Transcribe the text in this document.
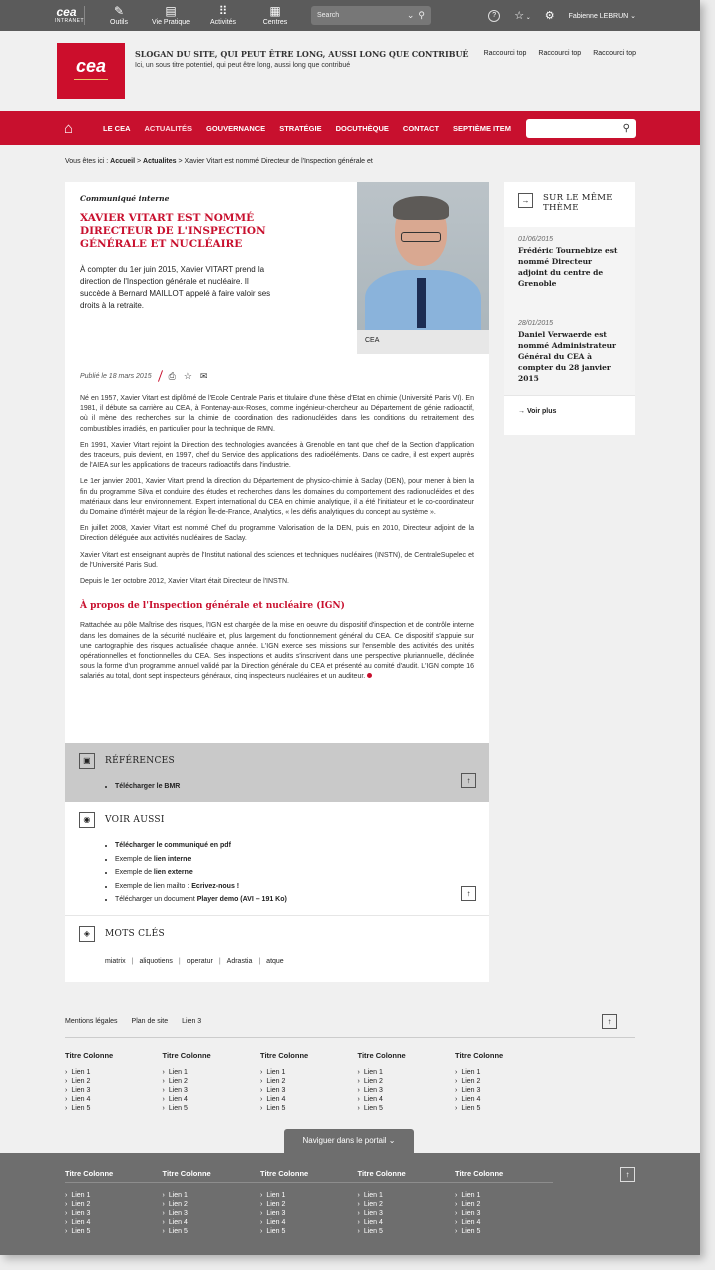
cea
INTRANET
✎
Outils
▤
Vie Pratique
⠿
Activités
▦
Centres
Search	⌄ ⚲	?	☆ ⌄ ⚙ Fabienne LEBRUN ⌄
cea
SLOGAN DU SITE, QUI PEUT ÊTRE LONG, AUSSI LONG QUE CONTRIBUÉ
Ici, un sous titre potentiel, qui peut être long, aussi long que contribué
Raccourci top Raccourci top Raccourci top
⌂	LE CEA	ACTUALITÉS	GOUVERNANCE	STRATÉGIE	DOCUTHÈQUE	CONTACT	SEPTIÈME ITEM	⚲
Vous êtes ici : Accueil > Actualites > Xavier Vitart est nommé Directeur de l'Inspection générale et
Communiqué interne
XAVIER VITART EST NOMMÉ DIRECTEUR DE L'INSPECTION GÉNÉRALE ET NUCLÉAIRE
À compter du 1er juin 2015, Xavier VITART prend la direction de l'Inspection générale et nucléaire. Il succède à Bernard MAILLOT appelé à faire valoir ses droits à la retraite.
CEA
Publié le 18 mars 2015 ⎙ ☆ ✉

Né en 1957, Xavier Vitart est diplômé de l'Ecole Centrale Paris et titulaire d'une thèse d'Etat en chimie (Université Paris VI). En 1981, il débute sa carrière au CEA, à Fontenay-aux-Roses, comme ingénieur-chercheur au Département de génie radioactif, où il mène des recherches sur la chimie de coordination des radionucléides dans les conditions du retraitement des combustibles irradiés, en particulier pour la technique de RMN.

En 1991, Xavier Vitart rejoint la Direction des technologies avancées à Grenoble en tant que chef de la Section d'application des traceurs, puis devient, en 1997, chef du Service des applications des radioéléments. Dans ce cadre, il est expert auprès de l'AIEA sur les applications de traceurs radioactifs dans l'industrie.

Le 1er janvier 2001, Xavier Vitart prend la direction du Département de physico-chimie à Saclay (DEN), pour mener à bien la fin du programme Silva et conduire des études et recherches dans les domaines du comportement des radionucléides et des matériaux dans leur environnement. Expert international du CEA en chimie analytique, il a été l'initiateur et le co-coordinateur du Domaine d'intérêt majeur de la région Île-de-France, Analytics, « les défis analytiques du concept au système ».

En juillet 2008, Xavier Vitart est nommé Chef du programme Valorisation de la DEN, puis en 2010, Directeur adjoint de la Direction déléguée aux activités nucléaires de Saclay.

Xavier Vitart est enseignant auprès de l'Institut national des sciences et techniques nucléaires (INSTN), de CentraleSupelec et de l'Université Paris Sud.

Depuis le 1er octobre 2012, Xavier Vitart était Directeur de l'INSTN.

À propos de l'Inspection générale et nucléaire (IGN)

Rattachée au pôle Maîtrise des risques, l'IGN est chargée de la mise en oeuvre du dispositif d'inspection et de contrôle interne dans les domaines de la sécurité nucléaire et, plus largement du fonctionnement général du CEA. Ce dispositif s'appuie sur une cartographie des risques actualisée chaque année. L'IGN exerce ses missions sur l'ensemble des activités des unités opérationnelles et fonctionnelles du CEA. Ses inspections et audits s'inscrivent dans une perspective pluriannuelle, déclinée sous la forme d'un programme annuel validé par la Direction générale du CEA et présenté au comité d'audit. L'IGN compte 16 salariés au total, dont sept inspecteurs généraux, cinq inspecteurs nucléaires et un auditeur.

▣	RÉFÉRENCES
• Télécharger le BMR
↑
◉	VOIR AUSSI
• Télécharger le communiqué en pdf
• Exemple de lien interne
• Exemple de lien externe
• Exemple de lien mailto : Ecrivez-nous !
• Télécharger un document Player demo (AVI – 191 Ko)
↑
◈	MOTS CLÉS
miatrix | aliquotiens | operatur | Adrastia | atque
→	SUR LE MÊME THÈME
01/06/2015
Frédéric Tournebize est nommé Directeur adjoint du centre de Grenoble
28/01/2015
Daniel Verwaerde est nommé Administrateur Général du CEA à compter du 28 janvier 2015
→ Voir plus
↑
Mentions légales Plan de site Lien 3
Titre Colonne
› Lien 1
› Lien 2
› Lien 3
› Lien 4
› Lien 5
Titre Colonne
› Lien 1
› Lien 2
› Lien 3
› Lien 4
› Lien 5
Titre Colonne
› Lien 1
› Lien 2
› Lien 3
› Lien 4
› Lien 5
Titre Colonne
› Lien 1
› Lien 2
› Lien 3
› Lien 4
› Lien 5
Titre Colonne
› Lien 1
› Lien 2
› Lien 3
› Lien 4
› Lien 5
Naviguer dans le portail ⌄
Titre Colonne
› Lien 1
› Lien 2
› Lien 3
› Lien 4
› Lien 5
Titre Colonne
› Lien 1
› Lien 2
› Lien 3
› Lien 4
› Lien 5
Titre Colonne
› Lien 1
› Lien 2
› Lien 3
› Lien 4
› Lien 5
Titre Colonne
› Lien 1
› Lien 2
› Lien 3
› Lien 4
› Lien 5
Titre Colonne
› Lien 1
› Lien 2
› Lien 3
› Lien 4
› Lien 5
↑
